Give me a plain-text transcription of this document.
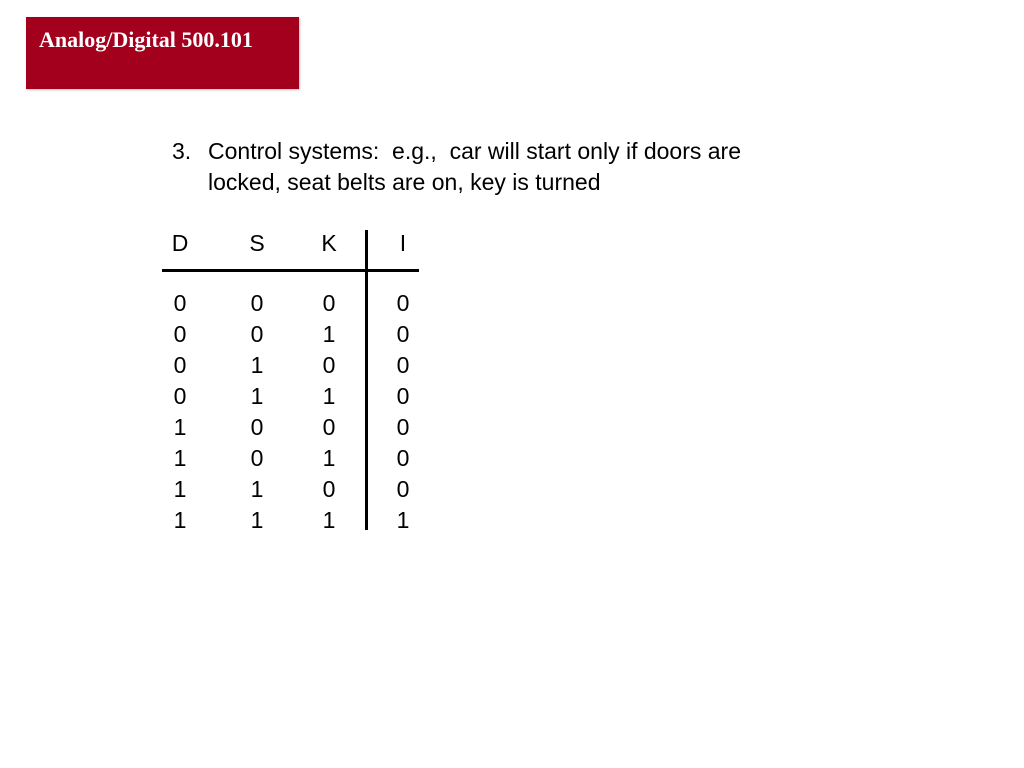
Analog/Digital 500.101
3. Control systems:  e.g.,  car will start only if doors are
locked, seat belts are on, key is turned
D	S	K	I
0	0	0	0
0	0	1	0
0	1	0	0
0	1	1	0
1	0	0	0
1	0	1	0
1	1	0	0
1	1	1	1
